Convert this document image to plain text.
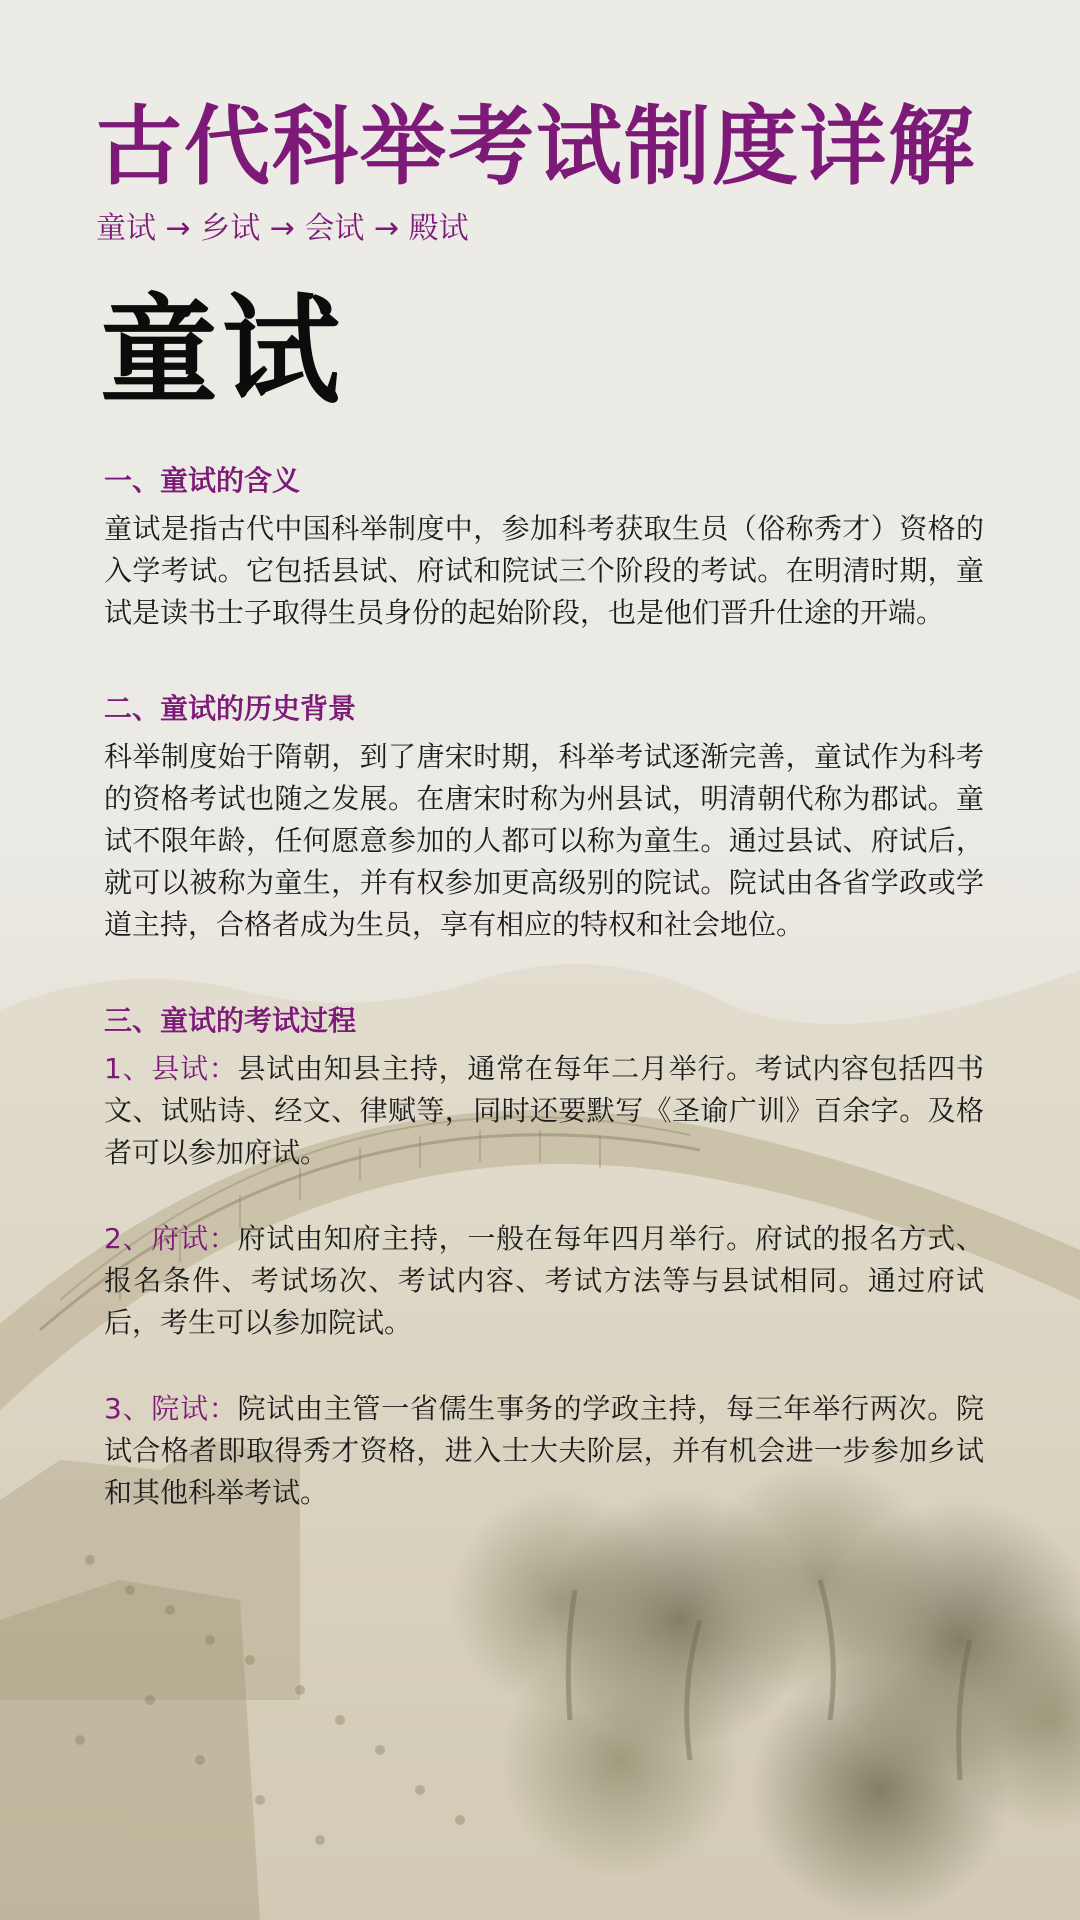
古代科举考试制度详解
童试 → 乡试 → 会试 → 殿试
童试
一、童试的含义

童试是指古代中国科举制度中，参加科考获取生员（俗称秀才）资格的入学考试。它包括县试、府试和院试三个阶段的考试。在明清时期，童试是读书士子取得生员身份的起始阶段，也是他们晋升仕途的开端。

二、童试的历史背景

科举制度始于隋朝，到了唐宋时期，科举考试逐渐完善，童试作为科考的资格考试也随之发展。在唐宋时称为州县试，明清朝代称为郡试。童试不限年龄，任何愿意参加的人都可以称为童生。通过县试、府试后，就可以被称为童生，并有权参加更高级别的院试。院试由各省学政或学道主持，合格者成为生员，享有相应的特权和社会地位。

三、童试的考试过程

1、县试：县试由知县主持，通常在每年二月举行。考试内容包括四书文、试贴诗、经文、律赋等，同时还要默写《圣谕广训》百余字。及格者可以参加府试。

2、府试：府试由知府主持，一般在每年四月举行。府试的报名方式、报名条件、考试场次、考试内容、考试方法等与县试相同。通过府试后，考生可以参加院试。

3、院试：院试由主管一省儒生事务的学政主持，每三年举行两次。院试合格者即取得秀才资格，进入士大夫阶层，并有机会进一步参加乡试和其他科举考试。
